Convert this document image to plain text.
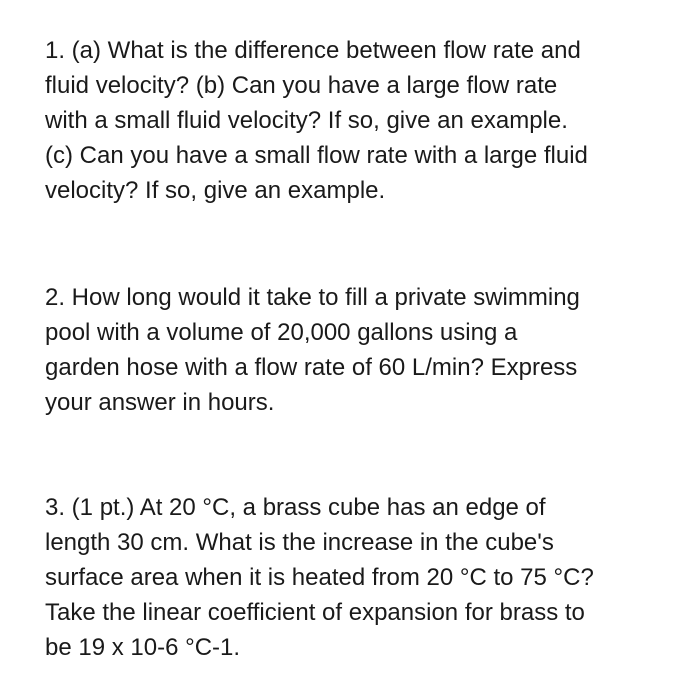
1. (a) What is the difference between flow rate and
fluid velocity? (b) Can you have a large flow rate
with a small fluid velocity? If so, give an example.
(c) Can you have a small flow rate with a large fluid
velocity? If so, give an example.
2. How long would it take to fill a private swimming
pool with a volume of 20,000 gallons using a
garden hose with a flow rate of 60 L/min? Express
your answer in hours.
3. (1 pt.) At 20 °C, a brass cube has an edge of
length 30 cm. What is the increase in the cube's
surface area when it is heated from 20 °C to 75 °C?
Take the linear coefficient of expansion for brass to
be 19 x 10-6 °C-1.
